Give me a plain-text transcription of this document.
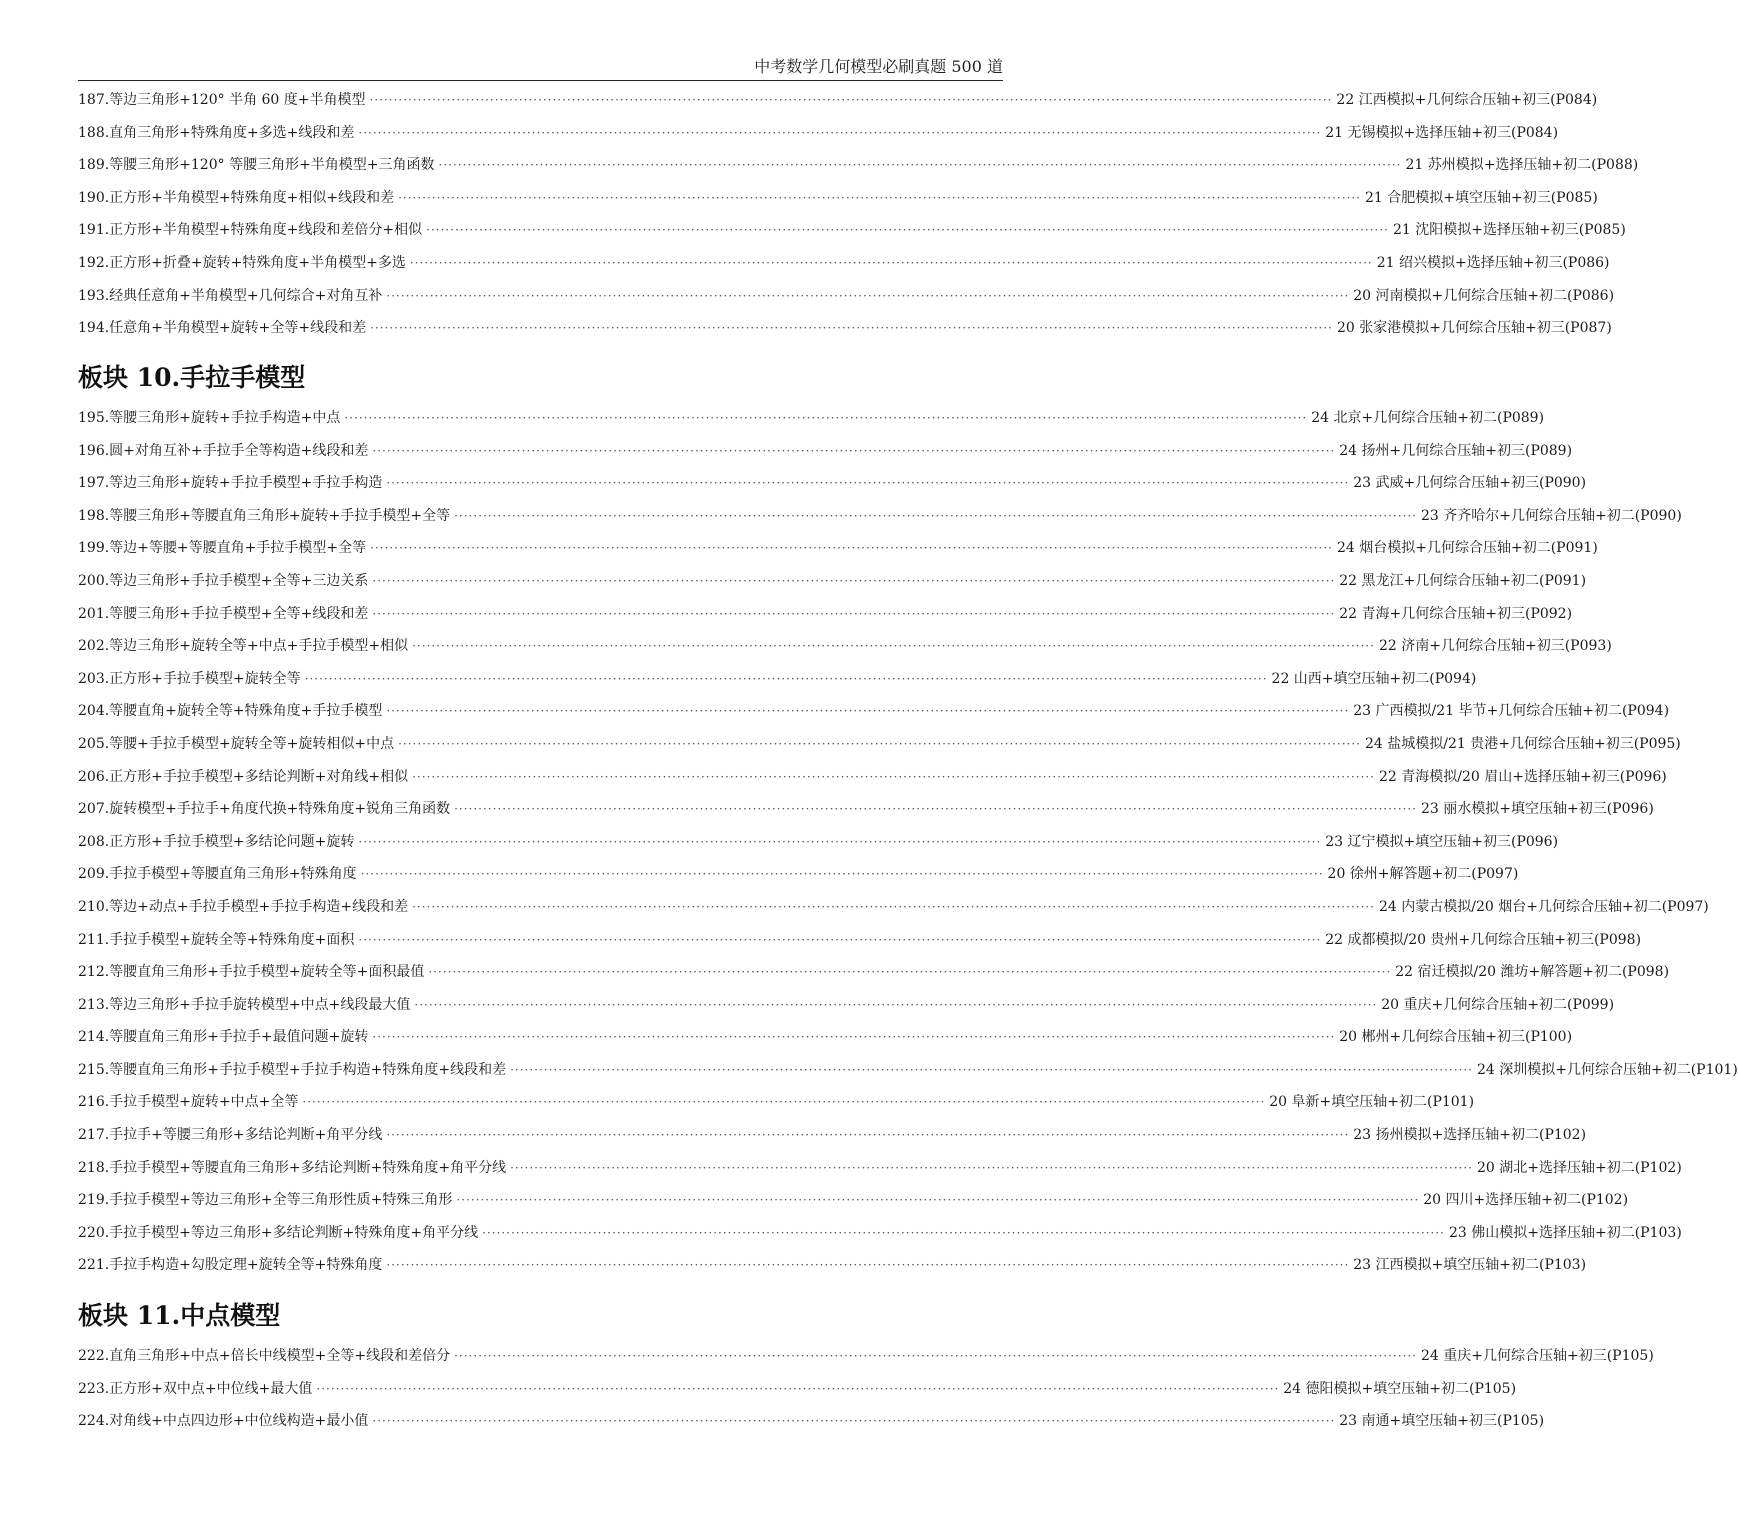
中考数学几何模型必刷真题 500 道
187. 等边三角形+120° 半角 60 度+半角模型 ········································································································································································································ 22 江西模拟+几何综合压轴+初三(P084)
188. 直角三角形+特殊角度+多选+线段和差 ········································································································································································································ 21 无锡模拟+选择压轴+初三(P084)
189. 等腰三角形+120° 等腰三角形+半角模型+三角函数 ········································································································································································································ 21 苏州模拟+选择压轴+初二(P088)
190. 正方形+半角模型+特殊角度+相似+线段和差 ········································································································································································································ 21 合肥模拟+填空压轴+初三(P085)
191. 正方形+半角模型+特殊角度+线段和差倍分+相似 ········································································································································································································ 21 沈阳模拟+选择压轴+初三(P085)
192. 正方形+折叠+旋转+特殊角度+半角模型+多选 ········································································································································································································ 21 绍兴模拟+选择压轴+初三(P086)
193. 经典任意角+半角模型+几何综合+对角互补 ········································································································································································································ 20 河南模拟+几何综合压轴+初二(P086)
194. 任意角+半角模型+旋转+全等+线段和差 ········································································································································································································ 20 张家港模拟+几何综合压轴+初三(P087)
板块 10.手拉手模型
195. 等腰三角形+旋转+手拉手构造+中点 ········································································································································································································ 24 北京+几何综合压轴+初二(P089)
196. 圆+对角互补+手拉手全等构造+线段和差 ········································································································································································································ 24 扬州+几何综合压轴+初三(P089)
197. 等边三角形+旋转+手拉手模型+手拉手构造 ········································································································································································································ 23 武威+几何综合压轴+初三(P090)
198. 等腰三角形+等腰直角三角形+旋转+手拉手模型+全等 ········································································································································································································ 23 齐齐哈尔+几何综合压轴+初二(P090)
199. 等边+等腰+等腰直角+手拉手模型+全等 ········································································································································································································ 24 烟台模拟+几何综合压轴+初二(P091)
200. 等边三角形+手拉手模型+全等+三边关系 ········································································································································································································ 22 黑龙江+几何综合压轴+初二(P091)
201. 等腰三角形+手拉手模型+全等+线段和差 ········································································································································································································ 22 青海+几何综合压轴+初三(P092)
202. 等边三角形+旋转全等+中点+手拉手模型+相似 ········································································································································································································ 22 济南+几何综合压轴+初三(P093)
203. 正方形+手拉手模型+旋转全等 ········································································································································································································ 22 山西+填空压轴+初二(P094)
204. 等腰直角+旋转全等+特殊角度+手拉手模型 ········································································································································································································ 23 广西模拟/21 毕节+几何综合压轴+初二(P094)
205. 等腰+手拉手模型+旋转全等+旋转相似+中点 ········································································································································································································ 24 盐城模拟/21 贵港+几何综合压轴+初三(P095)
206. 正方形+手拉手模型+多结论判断+对角线+相似 ········································································································································································································ 22 青海模拟/20 眉山+选择压轴+初三(P096)
207. 旋转模型+手拉手+角度代换+特殊角度+锐角三角函数 ········································································································································································································ 23 丽水模拟+填空压轴+初三(P096)
208. 正方形+手拉手模型+多结论问题+旋转 ········································································································································································································ 23 辽宁模拟+填空压轴+初三(P096)
209. 手拉手模型+等腰直角三角形+特殊角度 ········································································································································································································ 20 徐州+解答题+初二(P097)
210. 等边+动点+手拉手模型+手拉手构造+线段和差 ········································································································································································································ 24 内蒙古模拟/20 烟台+几何综合压轴+初二(P097)
211. 手拉手模型+旋转全等+特殊角度+面积 ········································································································································································································ 22 成都模拟/20 贵州+几何综合压轴+初三(P098)
212. 等腰直角三角形+手拉手模型+旋转全等+面积最值 ········································································································································································································ 22 宿迁模拟/20 潍坊+解答题+初二(P098)
213. 等边三角形+手拉手旋转模型+中点+线段最大值 ········································································································································································································ 20 重庆+几何综合压轴+初二(P099)
214. 等腰直角三角形+手拉手+最值问题+旋转 ········································································································································································································ 20 郴州+几何综合压轴+初三(P100)
215. 等腰直角三角形+手拉手模型+手拉手构造+特殊角度+线段和差 ········································································································································································································ 24 深圳模拟+几何综合压轴+初二(P101)
216. 手拉手模型+旋转+中点+全等 ········································································································································································································ 20 阜新+填空压轴+初二(P101)
217. 手拉手+等腰三角形+多结论判断+角平分线 ········································································································································································································ 23 扬州模拟+选择压轴+初二(P102)
218. 手拉手模型+等腰直角三角形+多结论判断+特殊角度+角平分线 ········································································································································································································ 20 湖北+选择压轴+初二(P102)
219. 手拉手模型+等边三角形+全等三角形性质+特殊三角形 ········································································································································································································ 20 四川+选择压轴+初二(P102)
220. 手拉手模型+等边三角形+多结论判断+特殊角度+角平分线 ········································································································································································································ 23 佛山模拟+选择压轴+初二(P103)
221. 手拉手构造+勾股定理+旋转全等+特殊角度 ········································································································································································································ 23 江西模拟+填空压轴+初二(P103)
板块 11.中点模型
222. 直角三角形+中点+倍长中线模型+全等+线段和差倍分 ········································································································································································································ 24 重庆+几何综合压轴+初三(P105)
223. 正方形+双中点+中位线+最大值 ········································································································································································································ 24 德阳模拟+填空压轴+初二(P105)
224. 对角线+中点四边形+中位线构造+最小值 ········································································································································································································ 23 南通+填空压轴+初三(P105)
